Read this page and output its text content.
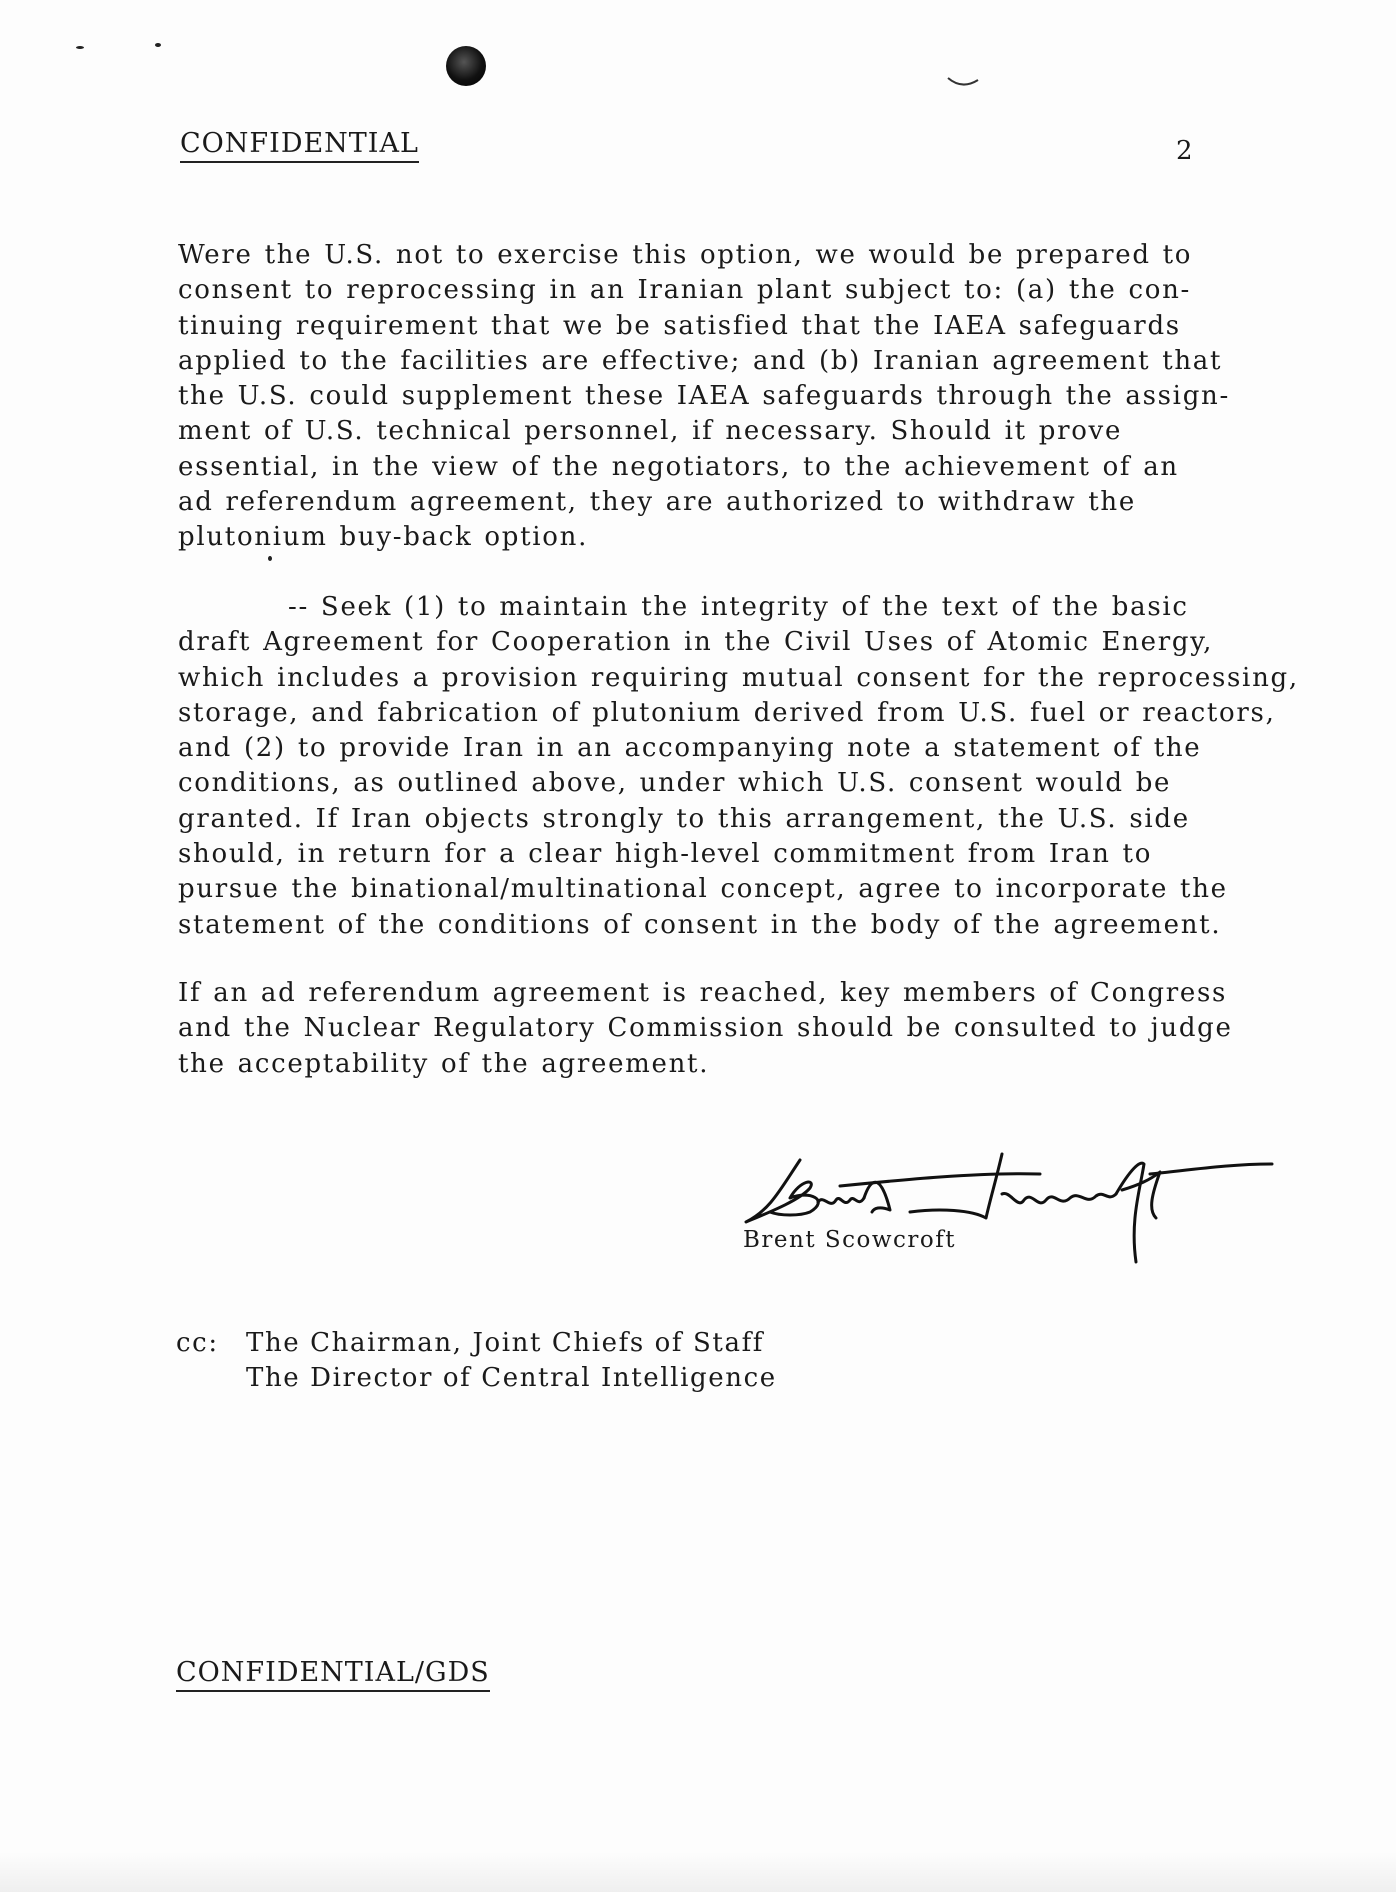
CONFIDENTIAL	2

Were the U.S. not to exercise this option, we would be prepared to
consent to reprocessing in an Iranian plant subject to: (a) the con-
tinuing requirement that we be satisfied that the IAEA safeguards
applied to the facilities are effective; and (b) Iranian agreement that
the U.S. could supplement these IAEA safeguards through the assign-
ment of U.S. technical personnel, if necessary. Should it prove
essential, in the view of the negotiators, to the achievement of an
ad referendum agreement, they are authorized to withdraw the
plutonium buy-back option.

-- Seek (1) to maintain the integrity of the text of the basic
draft Agreement for Cooperation in the Civil Uses of Atomic Energy,
which includes a provision requiring mutual consent for the reprocessing,
storage, and fabrication of plutonium derived from U.S. fuel or reactors,
and (2) to provide Iran in an accompanying note a statement of the
conditions, as outlined above, under which U.S. consent would be
granted. If Iran objects strongly to this arrangement, the U.S. side
should, in return for a clear high-level commitment from Iran to
pursue the binational/multinational concept, agree to incorporate the
statement of the conditions of consent in the body of the agreement.

If an ad referendum agreement is reached, key members of Congress
and the Nuclear Regulatory Commission should be consulted to judge
the acceptability of the agreement.

Brent Scowcroft
cc: The Chairman, Joint Chiefs of Staff
The Director of Central Intelligence
CONFIDENTIAL/GDS
